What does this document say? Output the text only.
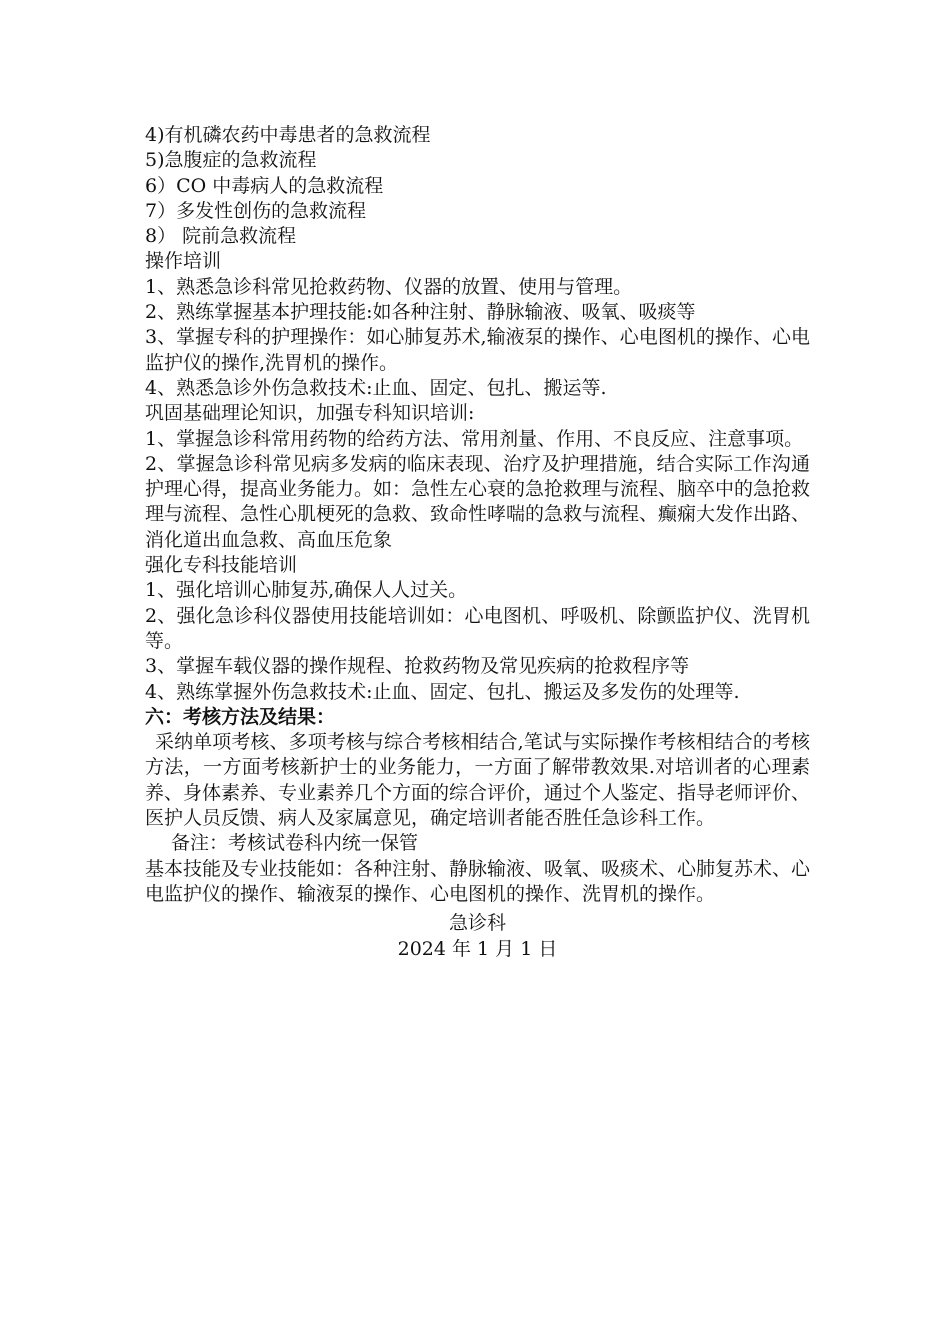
4)有机磷农药中毒患者的急救流程
5)急腹症的急救流程
6）CO 中毒病人的急救流程
7）多发性创伤的急救流程
8） 院前急救流程
操作培训
1、熟悉急诊科常见抢救药物、仪器的放置、使用与管理。
2、熟练掌握基本护理技能:如各种注射、静脉输液、吸氧、吸痰等
3、掌握专科的护理操作：如心肺复苏术,输液泵的操作、心电图机的操作、心电监护仪的操作,洗胃机的操作。
4、熟悉急诊外伤急救技术:止血、固定、包扎、搬运等.
巩固基础理论知识，加强专科知识培训:
1、掌握急诊科常用药物的给药方法、常用剂量、作用、不良反应、注意事项。
2、掌握急诊科常见病多发病的临床表现、治疗及护理措施，结合实际工作沟通护理心得，提高业务能力。如：急性左心衰的急抢救理与流程、脑卒中的急抢救理与流程、急性心肌梗死的急救、致命性哮喘的急救与流程、癫痫大发作出路、消化道出血急救、高血压危象
强化专科技能培训
1、强化培训心肺复苏,确保人人过关。
2、强化急诊科仪器使用技能培训如：心电图机、呼吸机、除颤监护仪、洗胃机等。
3、掌握车载仪器的操作规程、抢救药物及常见疾病的抢救程序等
4、熟练掌握外伤急救技术:止血、固定、包扎、搬运及多发伤的处理等.
六：考核方法及结果：
采纳单项考核、多项考核与综合考核相结合,笔试与实际操作考核相结合的考核方法，一方面考核新护士的业务能力，一方面了解带教效果.对培训者的心理素养、身体素养、专业素养几个方面的综合评价，通过个人鉴定、指导老师评价、医护人员反馈、病人及家属意见，确定培训者能否胜任急诊科工作。
备注：考核试卷科内统一保管
基本技能及专业技能如：各种注射、静脉输液、吸氧、吸痰术、心肺复苏术、心电监护仪的操作、输液泵的操作、心电图机的操作、洗胃机的操作。
急诊科
2024 年 1 月 1 日
